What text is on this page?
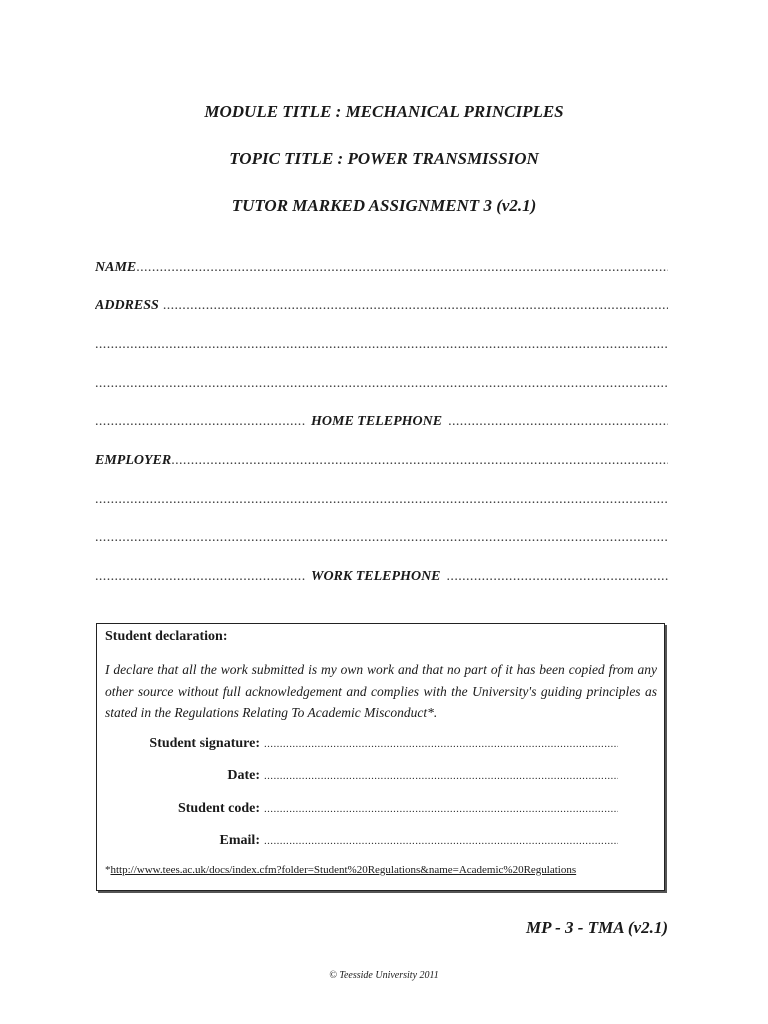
MODULE TITLE : MECHANICAL PRINCIPLES
TOPIC TITLE : POWER TRANSMISSION
TUTOR MARKED ASSIGNMENT 3 (v2.1)
NAME
.....
ADDRESS
.....
.....
.....
.....
HOME TELEPHONE
.....
EMPLOYER
.....
.....
.....
.....
WORK TELEPHONE
.....
Student declaration:
I declare that all the work submitted is my own work and that no part of it has been copied from any other source without full acknowledgement and complies with the University's guiding principles as stated in the Regulations Relating To Academic Misconduct*.
Student signature:
.....
Date:
.....
Student code:
.....
Email:
.....
*http://www.tees.ac.uk/docs/index.cfm?folder=Student%20Regulations&name=Academic%20Regulations
MP - 3 - TMA (v2.1)
© Teesside University 2011
